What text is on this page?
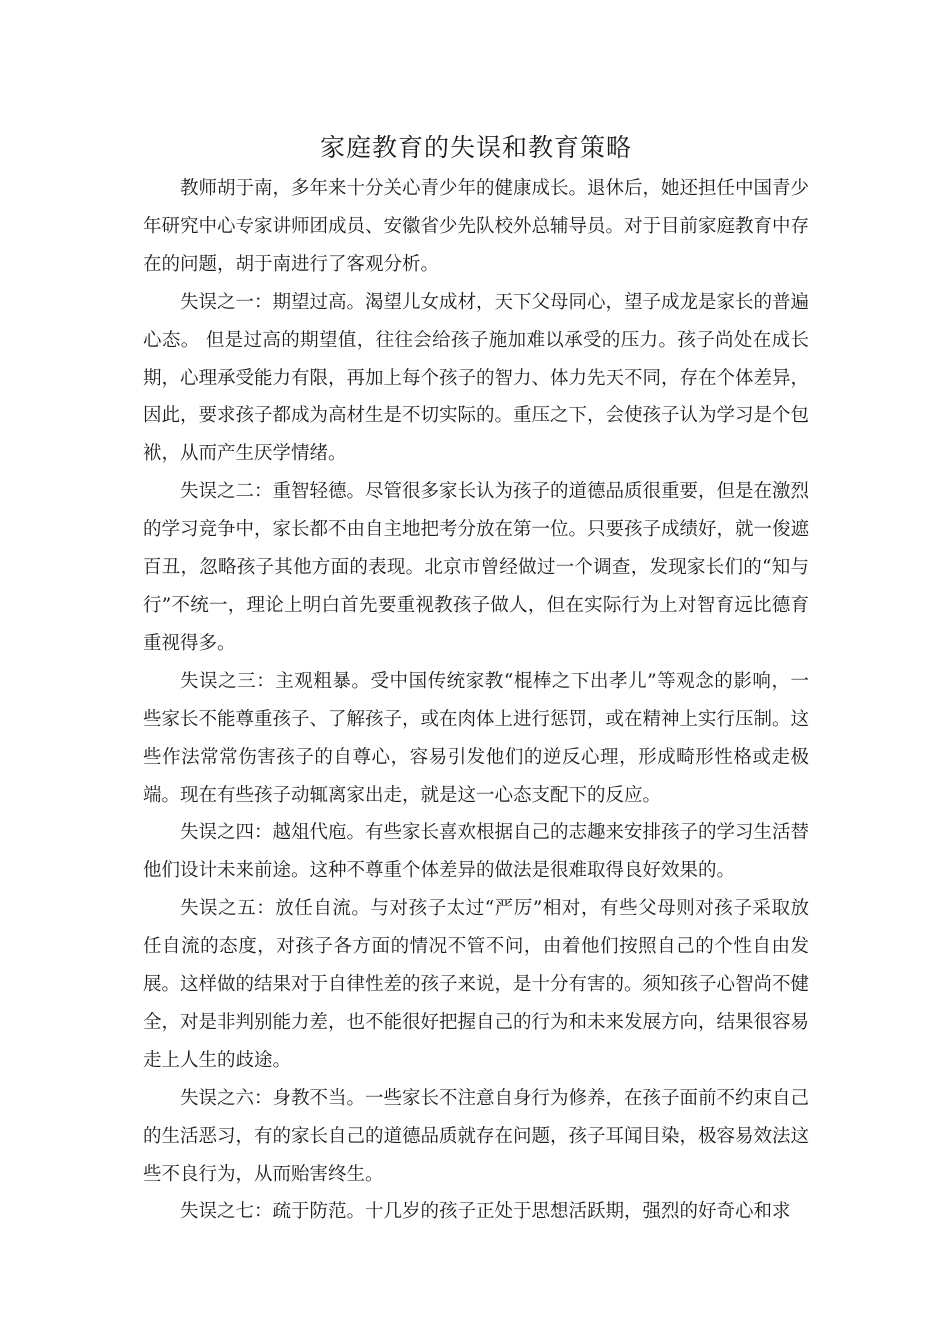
家庭教育的失误和教育策略

教师胡于南，多年来十分关心青少年的健康成长。退休后，她还担任中国青少年研究中心专家讲师团成员、安徽省少先队校外总辅导员。对于目前家庭教育中存在的问题，胡于南进行了客观分析。

失误之一：期望过高。渴望儿女成材，天下父母同心，望子成龙是家长的普遍心态。 但是过高的期望值，往往会给孩子施加难以承受的压力。孩子尚处在成长期，心理承受能力有限，再加上每个孩子的智力、体力先天不同，存在个体差异，因此，要求孩子都成为高材生是不切实际的。重压之下，会使孩子认为学习是个包袱，从而产生厌学情绪。

失误之二：重智轻德。尽管很多家长认为孩子的道德品质很重要，但是在激烈的学习竞争中，家长都不由自主地把考分放在第一位。只要孩子成绩好，就一俊遮百丑，忽略孩子其他方面的表现。北京市曾经做过一个调查，发现家长们的“知与行”不统一，理论上明白首先要重视教孩子做人，但在实际行为上对智育远比德育重视得多。

失误之三：主观粗暴。受中国传统家教“棍棒之下出孝儿”等观念的影响，一些家长不能尊重孩子、了解孩子，或在肉体上进行惩罚，或在精神上实行压制。这些作法常常伤害孩子的自尊心，容易引发他们的逆反心理，形成畸形性格或走极端。现在有些孩子动辄离家出走，就是这一心态支配下的反应。

失误之四：越俎代庖。有些家长喜欢根据自己的志趣来安排孩子的学习生活替他们设计未来前途。这种不尊重个体差异的做法是很难取得良好效果的。

失误之五：放任自流。与对孩子太过“严厉”相对，有些父母则对孩子采取放任自流的态度，对孩子各方面的情况不管不问，由着他们按照自己的个性自由发展。这样做的结果对于自律性差的孩子来说，是十分有害的。须知孩子心智尚不健全，对是非判别能力差，也不能很好把握自己的行为和未来发展方向，结果很容易走上人生的歧途。

失误之六：身教不当。一些家长不注意自身行为修养，在孩子面前不约束自己的生活恶习，有的家长自己的道德品质就存在问题，孩子耳闻目染，极容易效法这些不良行为，从而贻害终生。

失误之七：疏于防范。十几岁的孩子正处于思想活跃期，强烈的好奇心和求
